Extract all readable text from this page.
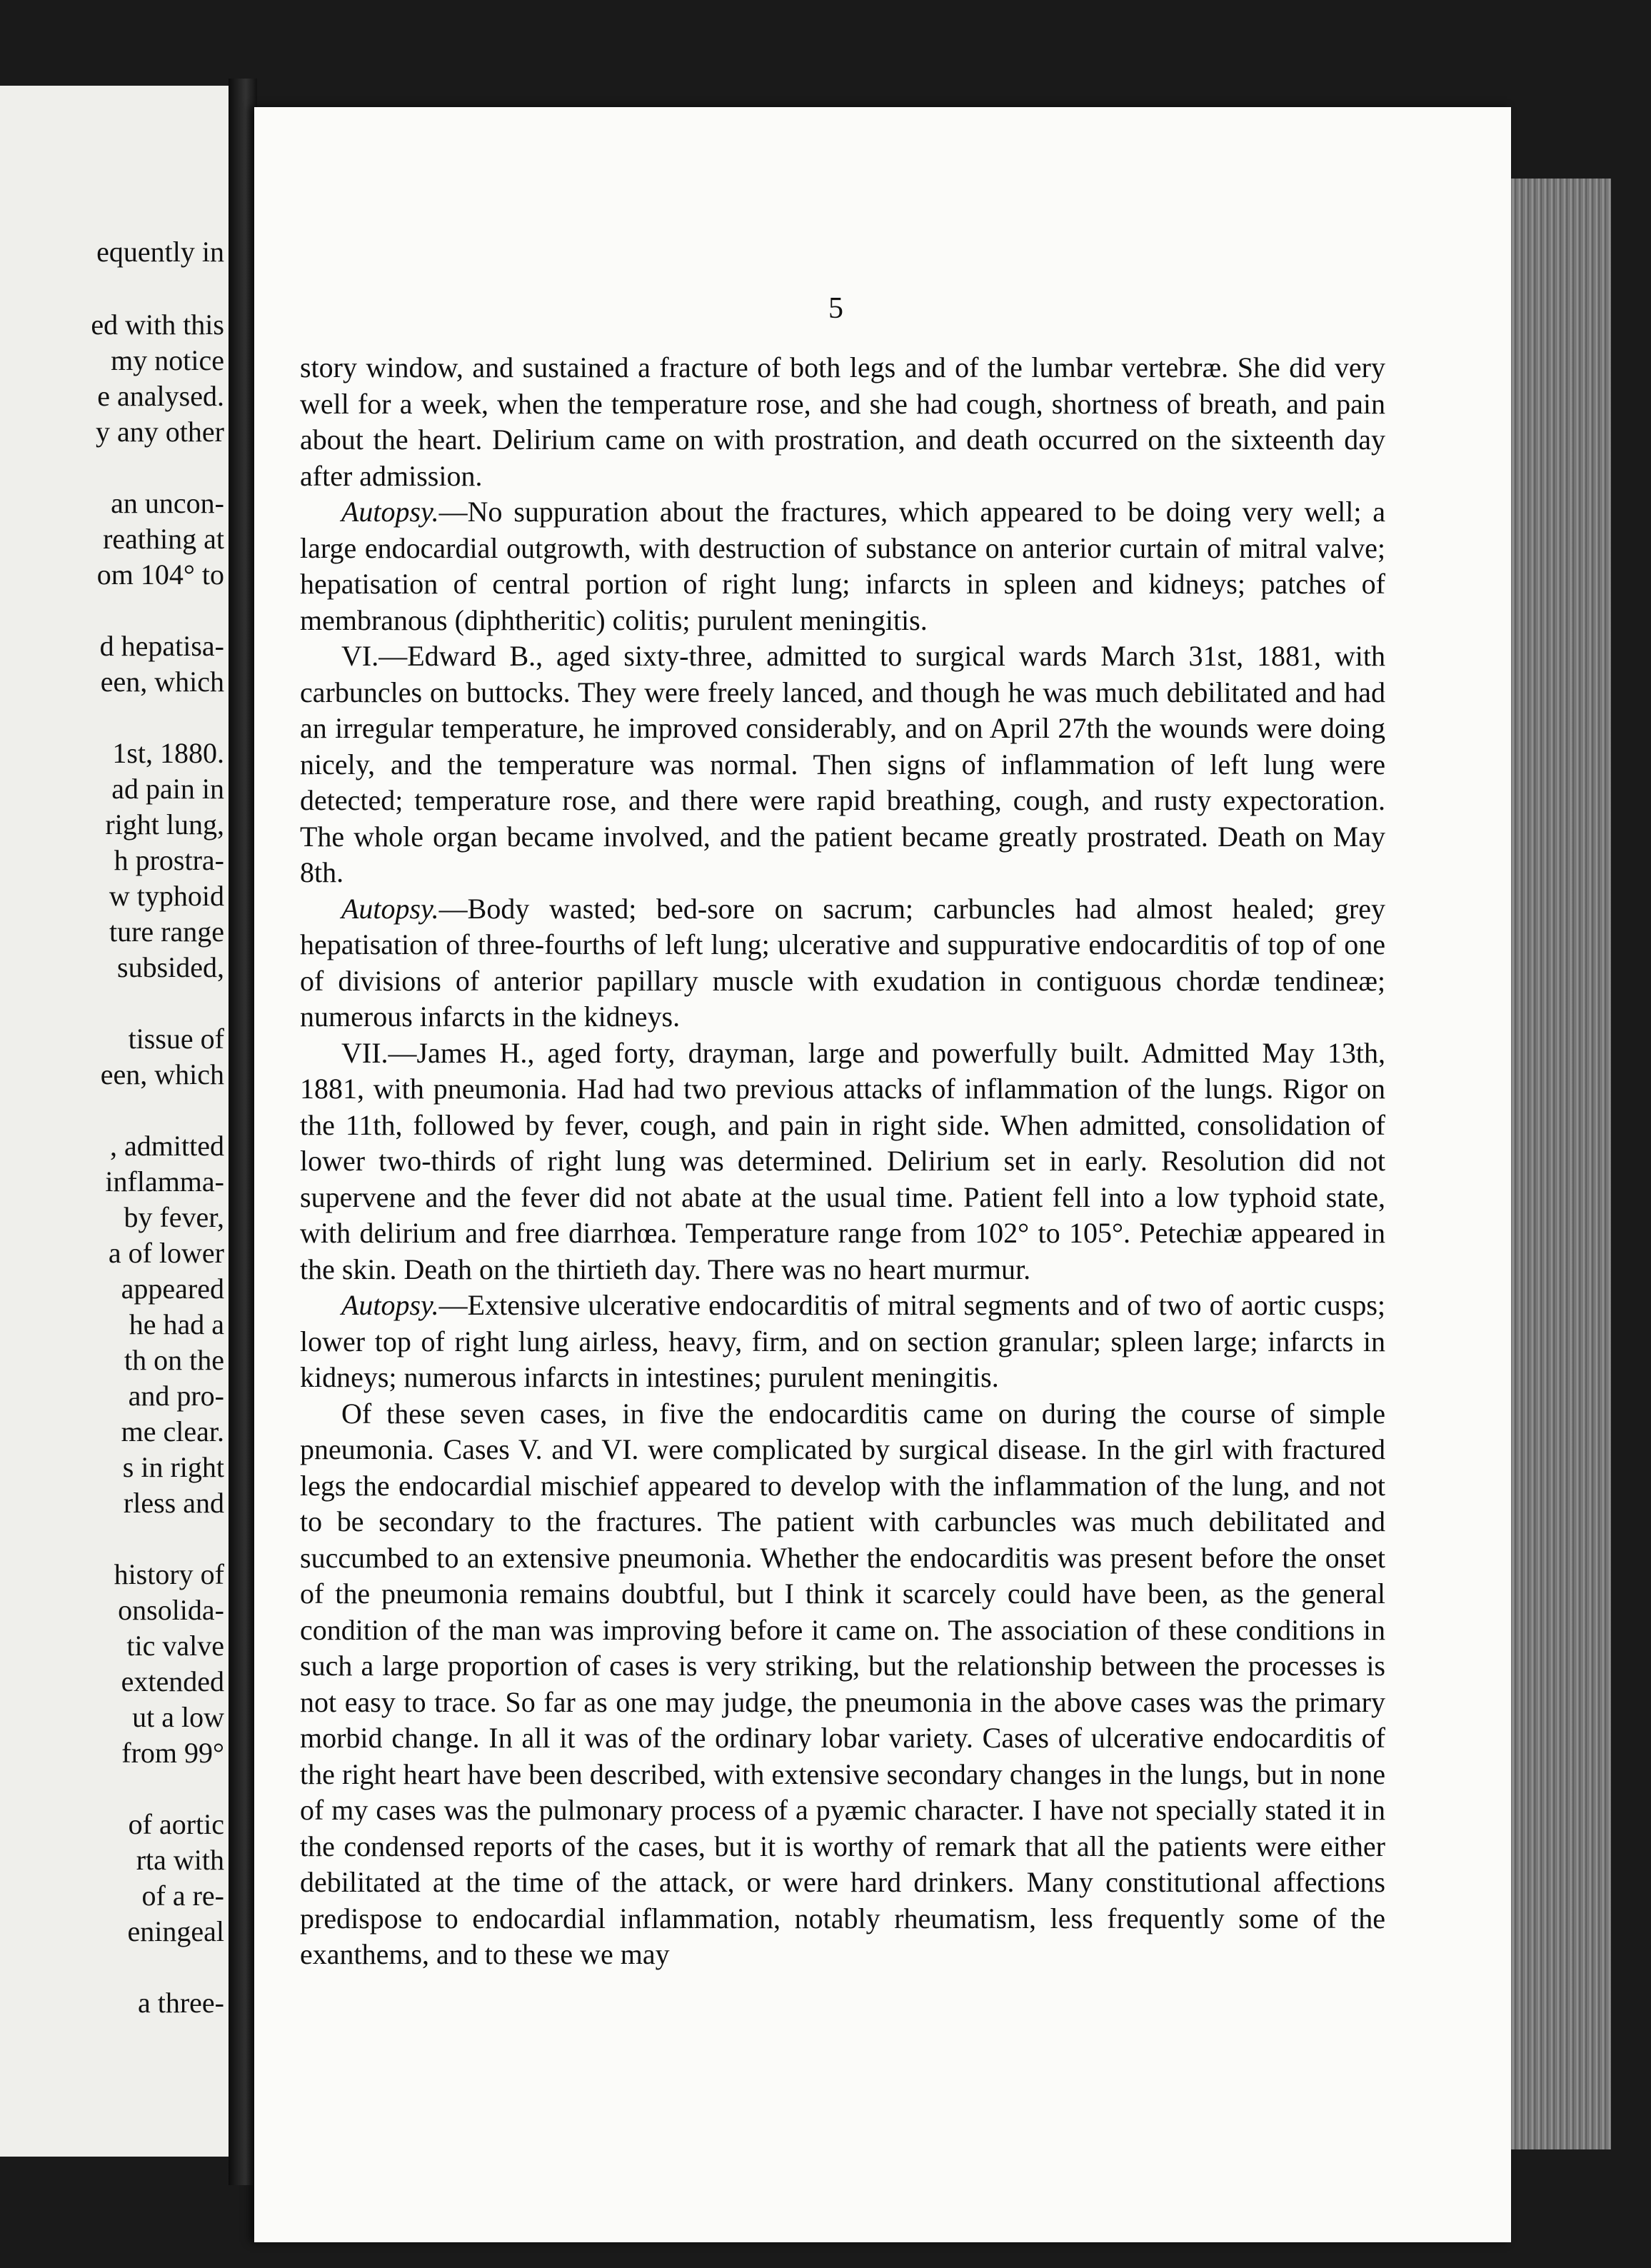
equently in
ed with this
my notice
e analysed.
y any other
an uncon-
reathing at
om 104° to
d hepatisa-
een, which
1st, 1880.
ad pain in
right lung,
h prostra-
w typhoid
ture range
subsided,
tissue of
een, which
, admitted
inflamma-
by fever,
a of lower
appeared
he had a
th on the
and pro-
me clear.
s in right
rless and
history of
onsolida-
tic valve
extended
ut a low
from 99°
of aortic
rta with
of a re-
eningeal
a three-
5

story window, and sustained a fracture of both legs and of the lumbar vertebræ. She did very well for a week, when the temperature rose, and she had cough, shortness of breath, and pain about the heart. Delirium came on with prostration, and death occurred on the sixteenth day after admission.

Autopsy.—No suppuration about the fractures, which appeared to be doing very well; a large endocardial outgrowth, with destruction of substance on anterior curtain of mitral valve; hepatisation of central portion of right lung; infarcts in spleen and kidneys; patches of membranous (diphtheritic) colitis; purulent meningitis.

VI.—Edward B., aged sixty-three, admitted to surgical wards March 31st, 1881, with carbuncles on buttocks. They were freely lanced, and though he was much debilitated and had an irregular temperature, he improved considerably, and on April 27th the wounds were doing nicely, and the temperature was normal. Then signs of inflammation of left lung were detected; temperature rose, and there were rapid breathing, cough, and rusty expectoration. The whole organ became involved, and the patient became greatly prostrated. Death on May 8th.

Autopsy.—Body wasted; bed-sore on sacrum; carbuncles had almost healed; grey hepatisation of three-fourths of left lung; ulcerative and suppurative endocarditis of top of one of divisions of anterior papillary muscle with exudation in contiguous chordæ tendineæ; numerous infarcts in the kidneys.

VII.—James H., aged forty, drayman, large and powerfully built. Admitted May 13th, 1881, with pneumonia. Had had two previous attacks of inflammation of the lungs. Rigor on the 11th, followed by fever, cough, and pain in right side. When admitted, consolidation of lower two-thirds of right lung was determined. Delirium set in early. Resolution did not supervene and the fever did not abate at the usual time. Patient fell into a low typhoid state, with delirium and free diarrhœa. Temperature range from 102° to 105°. Petechiæ appeared in the skin. Death on the thirtieth day. There was no heart murmur.

Autopsy.—Extensive ulcerative endocarditis of mitral segments and of two of aortic cusps; lower top of right lung airless, heavy, firm, and on section granular; spleen large; infarcts in kidneys; numerous infarcts in intestines; purulent meningitis.

Of these seven cases, in five the endocarditis came on during the course of simple pneumonia. Cases V. and VI. were complicated by surgical disease. In the girl with fractured legs the endocardial mischief appeared to develop with the inflammation of the lung, and not to be secondary to the fractures. The patient with carbuncles was much debilitated and succumbed to an extensive pneumonia. Whether the endocarditis was present before the onset of the pneumonia remains doubtful, but I think it scarcely could have been, as the general condition of the man was improving before it came on. The association of these conditions in such a large proportion of cases is very striking, but the relationship between the processes is not easy to trace. So far as one may judge, the pneumonia in the above cases was the primary morbid change. In all it was of the ordinary lobar variety. Cases of ulcerative endocarditis of the right heart have been described, with extensive secondary changes in the lungs, but in none of my cases was the pulmonary process of a pyæmic character. I have not specially stated it in the condensed reports of the cases, but it is worthy of remark that all the patients were either debilitated at the time of the attack, or were hard drinkers. Many constitutional affections predispose to endocardial inflammation, notably rheumatism, less frequently some of the exanthems, and to these we may
